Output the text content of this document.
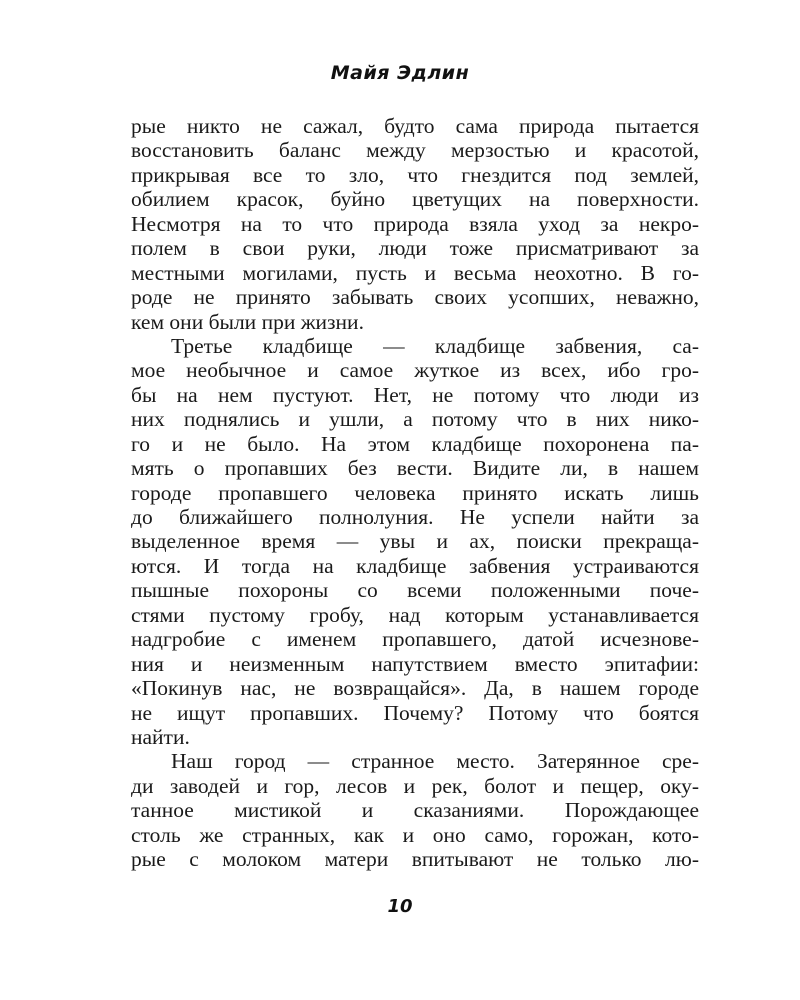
Майя Эдлин
рые никто не сажал, будто сама природа пытается
восстановить баланс между мерзостью и красотой,
прикрывая все то зло, что гнездится под землей,
обилием красок, буйно цветущих на поверхности.
Несмотря на то что природа взяла уход за некро-
полем в свои руки, люди тоже присматривают за
местными могилами, пусть и весьма неохотно. В го-
роде не принято забывать своих усопших, неважно,
кем они были при жизни.
Третье кладбище — кладбище забвения, са-
мое необычное и самое жуткое из всех, ибо гро-
бы на нем пустуют. Нет, не потому что люди из
них поднялись и ушли, а потому что в них нико-
го и не было. На этом кладбище похоронена па-
мять о пропавших без вести. Видите ли, в нашем
городе пропавшего человека принято искать лишь
до ближайшего полнолуния. Не успели найти за
выделенное время — увы и ах, поиски прекраща-
ются. И тогда на кладбище забвения устраиваются
пышные похороны со всеми положенными поче-
стями пустому гробу, над которым устанавливается
надгробие с именем пропавшего, датой исчезнове-
ния и неизменным напутствием вместо эпитафии:
«Покинув нас, не возвращайся». Да, в нашем городе
не ищут пропавших. Почему? Потому что боятся
найти.
Наш город — странное место. Затерянное сре-
ди заводей и гор, лесов и рек, болот и пещер, оку-
танное мистикой и сказаниями. Порождающее
столь же странных, как и оно само, горожан, кото-
рые с молоком матери впитывают не только лю-
10
